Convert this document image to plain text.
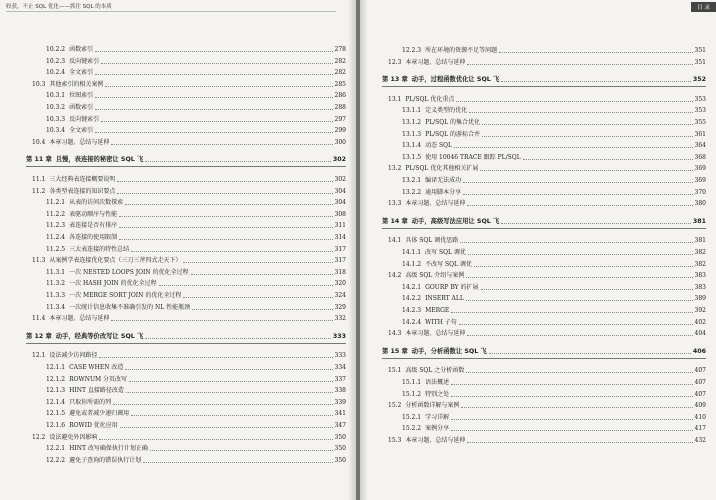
收获，不止 SQL 优化——抓住 SQL 的本质
10.2.2 函数索引	278
10.2.3 反向键索引	282
10.2.4 全文索引	282
10.3 其他索引的相关案例	285
10.3.1 位图索引	286
10.3.2 函数索引	288
10.3.3 反向键索引	297
10.3.4 全文索引	299
10.4 本章习题、总结与延伸	300
第 11 章 且慢，表连接的秘密让 SQL 飞	302
11.1 三大经典表连接概要说明	302
11.2 各类型表连接的知识要点	304
11.2.1 从表的访问次数探索	304
11.2.2 表驱动顺序与性能	308
11.2.3 表连接是否有排序	311
11.2.4 各连接的使用限制	314
11.2.5 三大表连接的特性总结	317
11.3 从案例学表连接优化要点（三刀三斧四式走天下）	317
11.3.1 一次 NESTED LOOPS JOIN 的优化全过程	318
11.3.2 一次 HASH JOIN 的优化全过程	320
11.3.3 一次 MERGE SORT JOIN 的优化全过程	324
11.3.4 一次统计信息收集不准确引发的 NL 性能瓶颈	329
11.4 本章习题、总结与延伸	332
第 12 章 动手，经典等价改写让 SQL 飞	333
12.1 设法减少访问路径	333
12.1.1 CASE WHEN 改造	334
12.1.2 ROWNUM 分页改写	337
12.1.3 HINT 直接路径改造	338
12.1.4 只取你所需的列	339
12.1.5 避免或者减少递归调用	341
12.1.6 ROWID 优化应用	347
12.2 设法避免外因影响	350
12.2.1 HINT 改写确保执行计划正确	350
12.2.2 避免子查询的错误执行计划	350
目 录
12.2.3 所在环境的资源不足等问题	351
12.3 本章习题、总结与延伸	351
第 13 章 动手，过程函数优化让 SQL 飞	352
13.1 PL/SQL 优化重点	353
13.1.1 定义类型的优化	353
13.1.2 PL/SQL 的集合优化	355
13.1.3 PL/SQL 的游标合并	361
13.1.4 动态 SQL	364
13.1.5 使用 10046 TRACE 跟踪 PL/SQL	368
13.2 PL/SQL 优化其他相关扩展	369
13.2.1 编译无法成功	369
13.2.2 通用脚本分享	370
13.3 本章习题、总结与延伸	380
第 14 章 动手，高级写法应用让 SQL 飞	381
14.1 具体 SQL 调优思路	381
14.1.1 改写 SQL 调优	382
14.1.2 不改写 SQL 调优	382
14.2 高级 SQL 介绍与案例	383
14.2.1 GOURP BY 的扩展	383
14.2.2 INSERT ALL	389
14.2.3 MERGE	392
14.2.4 WITH 子句	402
14.3 本章习题、总结与延伸	404
第 15 章 动手，分析函数让 SQL 飞	406
15.1 高级 SQL 之分析函数	407
15.1.1 语法概述	407
15.1.2 特别之处	407
15.2 分析函数详解与案例	409
15.2.1 学习详解	410
15.2.2 案例分享	417
15.3 本章习题、总结与延伸	432
